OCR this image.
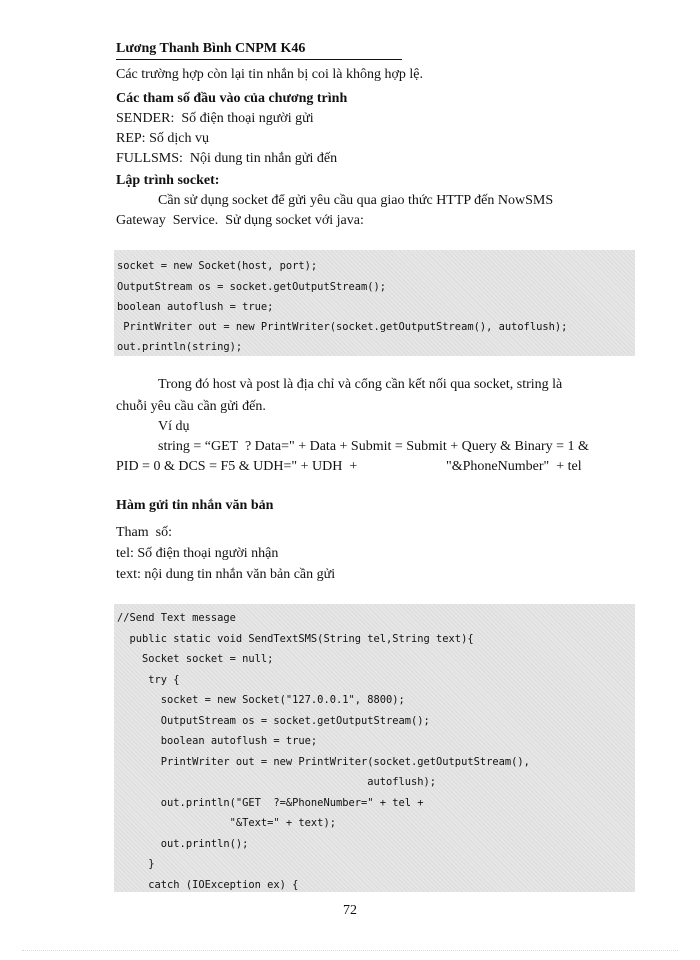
Lương Thanh Bình CNPM K46
Các trường hợp còn lại tin nhắn bị coi là không hợp lệ.
Các tham số đầu vào của chương trình
SENDER:  Số điện thoại người gửi
REP: Số dịch vụ
FULLSMS:  Nội dung tin nhắn gửi đến
Lập trình socket:
Cần sử dụng socket để gửi yêu cầu qua giao thức HTTP đến NowSMS
Gateway  Service.  Sử dụng socket với java:
socket = new Socket(host, port);
OutputStream os = socket.getOutputStream();
boolean autoflush = true;
PrintWriter out = new PrintWriter(socket.getOutputStream(), autoflush);
out.println(string);
Trong đó host và post là địa chỉ và cổng cần kết nối qua socket, string là
chuỗi yêu cầu cần gửi đến.
Ví dụ
string = “GET  ? Data=" + Data + Submit = Submit + Query & Binary = 1 &
PID = 0 & DCS = F5 & UDH=" + UDH  +	"&PhoneNumber"  + tel
Hàm gửi tin nhắn văn bản
Tham  số:
tel: Số điện thoại người nhận
text: nội dung tin nhắn văn bản cần gửi
//Send Text message
public static void SendTextSMS(String tel,String text){
Socket socket = null;
try {
socket = new Socket("127.0.0.1", 8800);
OutputStream os = socket.getOutputStream();
boolean autoflush = true;
PrintWriter out = new PrintWriter(socket.getOutputStream(),
autoflush);
out.println("GET  ?=&PhoneNumber=" + tel +
"&Text=" + text);
out.println();
}
catch (IOException ex) {
72
